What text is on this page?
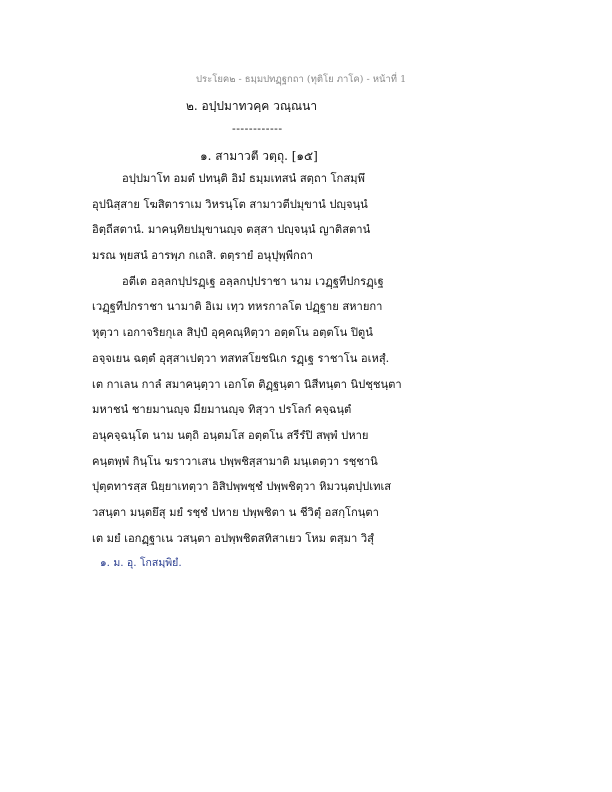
ประโยค๒ - ธมฺมปทฏฺฐกถา (ทุติโย ภาโค) - หน้าที่ 1
๒. อปฺปมาทวคฺค วณฺณนา
------------
๑. สามาวตี วตฺถุ. [๑๕]
อปฺปมาโท อมตํ ปทนฺติ อิมํ ธมฺมเทสนํ สตฺถา โกสมฺพึ
อุปนิสฺสาย โฆสิตาราเม วิหรนฺโต สามาวตีปมุขานํ ปญฺจนฺนํ
อิตฺถีสตานํ. มาคนฺทิยปมุขานญฺจ ตสฺสา ปญฺจนฺนํ ญาติสตานํ
มรณ พฺยสนํ อารพฺภ กเถสิ. ตตฺรายํ อนุปุพฺพีกถา
อตีเต อลฺลกปฺปรฏฺเฐ อลฺลกปฺปราชา นาม เวฏฺฐทีปกรฏฺเฐ
เวฏฺฐทีปกราชา นามาติ อิเม เทฺว ทหรกาลโต ปฏฺฐาย สหายกา
หุตฺวา เอกาจริยกุเล สิปฺปํ อุคฺคณฺหิตฺวา อตฺตโน อตฺตโน ปิตูนํ
อจฺจเยน ฉตฺตํ อุสฺสาเปตฺวา ทสทสโยชนิเก รฏฺเฐ ราชาโน อเหสุํ.
เต กาเลน กาลํ สมาคนฺตฺวา เอกโต ติฏฺฐนฺตา นิสีทนฺตา นิปชฺชนฺตา
มหาชนํ ชายมานญฺจ มียมานญฺจ ทิสฺวา ปรโลกํ คจฺฉนฺตํ
อนุคจฺฉนฺโต นาม นตฺถิ อนฺตมโส อตฺตโน สรีรํปิ สพฺพํ ปหาย
คนฺตพฺพํ กินฺโน ฆราวาเสน ปพฺพชิสฺสามาติ มนฺเตตฺวา รชฺชานิ
ปุตฺตทารสฺส นิยฺยาเทตฺวา อิสิปพฺพชฺชํ ปพฺพชิตฺวา หิมวนฺตปฺปเทเส
วสนฺตา มนฺตยึสุ มยํ รชฺชํ ปหาย ปพฺพชิตา น ชีวิตุํ อสกฺโกนฺตา
เต มยํ เอกฏฺฐาเน วสนฺตา อปพฺพชิตสทิสาเยว โหม ตสฺมา วิสุํ
๑. ม. อุ. โกสมฺพิยํ.
